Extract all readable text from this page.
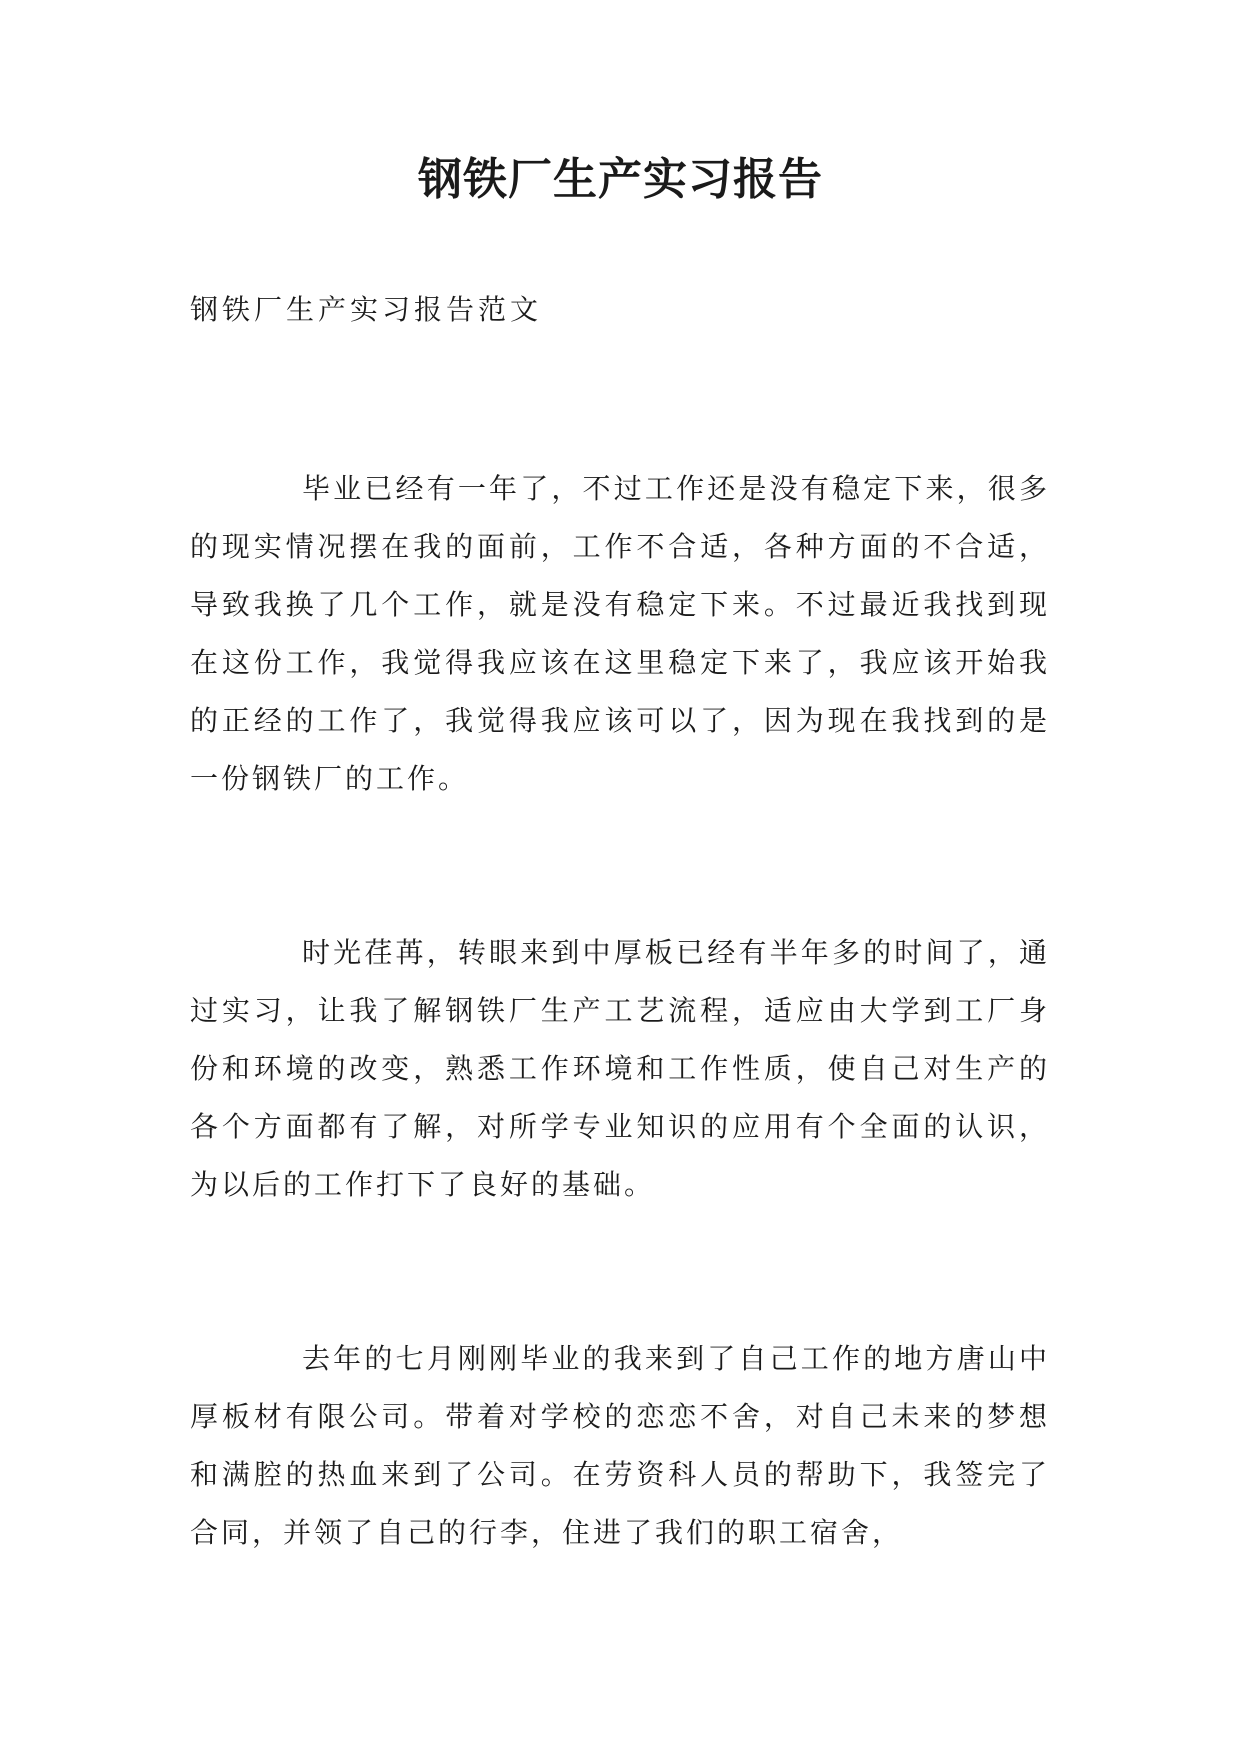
钢铁厂生产实习报告

钢铁厂生产实习报告范文

毕业已经有一年了，不过工作还是没有稳定下来，很多的现实情况摆在我的面前，工作不合适，各种方面的不合适，导致我换了几个工作，就是没有稳定下来。不过最近我找到现在这份工作，我觉得我应该在这里稳定下来了，我应该开始我的正经的工作了，我觉得我应该可以了，因为现在我找到的是一份钢铁厂的工作。

时光荏苒，转眼来到中厚板已经有半年多的时间了，通过实习，让我了解钢铁厂生产工艺流程，适应由大学到工厂身份和环境的改变，熟悉工作环境和工作性质，使自己对生产的各个方面都有了解，对所学专业知识的应用有个全面的认识，为以后的工作打下了良好的基础。

去年的七月刚刚毕业的我来到了自己工作的地方唐山中厚板材有限公司。带着对学校的恋恋不舍，对自己未来的梦想和满腔的热血来到了公司。在劳资科人员的帮助下，我签完了合同，并领了自己的行李，住进了我们的职工宿舍，
